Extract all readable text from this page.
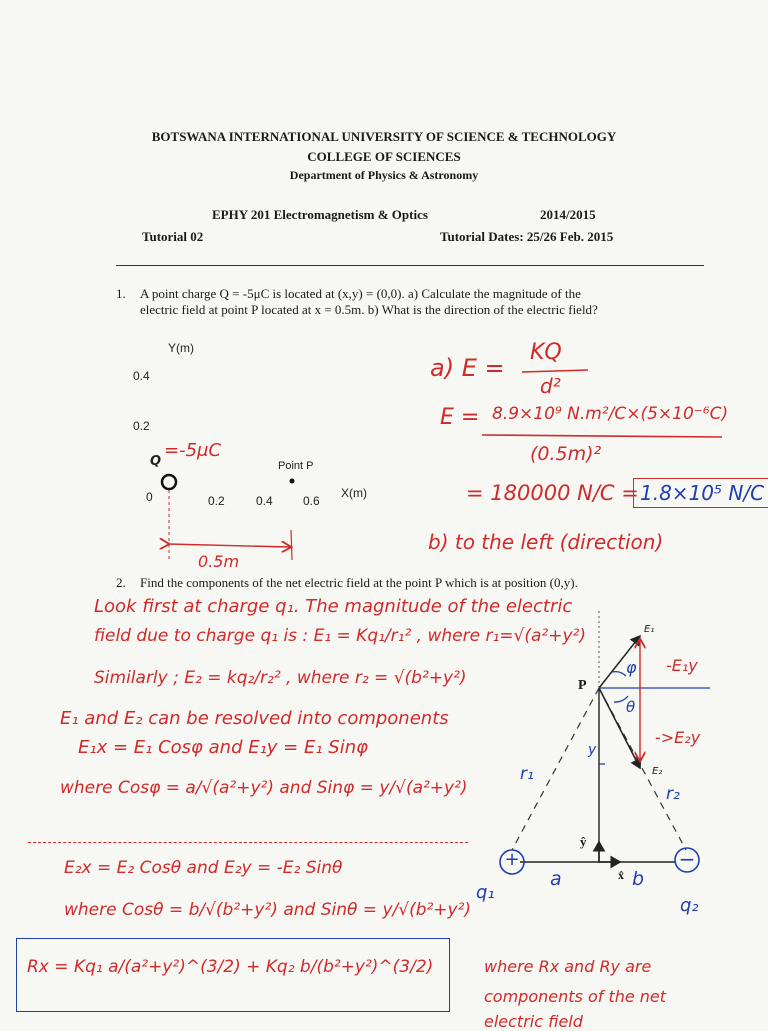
BOTSWANA INTERNATIONAL UNIVERSITY OF SCIENCE & TECHNOLOGY
COLLEGE OF SCIENCES
Department of Physics & Astronomy
EPHY 201 Electromagnetism & Optics	2014/2015
Tutorial 02	Tutorial Dates: 25/26 Feb. 2015
1. A point charge Q = -5μC is located at (x,y) = (0,0). a) Calculate the magnitude of the
electric field at point P located at x = 0.5m. b) What is the direction of the electric field?
Y(m)
0.4
0.2
Q
=-5μC
Point P
0	0.2	0.4	0.6
X(m)
0.5m
a) E =
KQ
d²
E = 8.9×10⁹ N.m²/C×(5×10⁻⁶C)
(0.5m)²
= 180000 N/C = 1.8×10⁵ N/C
b) to the left (direction)
2. Find the components of the net electric field at the point P which is at position (0,y).
Look first at charge q₁. The magnitude of the electric
field due to charge q₁ is : E₁ = Kq₁/r₁² , where r₁=√(a²+y²)
Similarly ; E₂ = kq₂/r₂² , where r₂ = √(b²+y²)
E₁ and E₂ can be resolved into components
E₁x = E₁ Cosφ and E₁y = E₁ Sinφ
where Cosφ = a/√(a²+y²) and Sinφ = y/√(a²+y²)
E₂x = E₂ Cosθ and E₂y = -E₂ Sinθ
where Cosθ = b/√(b²+y²) and Sinθ = y/√(b²+y²)
Rx = Kq₁ a/(a²+y²)^(3/2) + Kq₂ b/(b²+y²)^(3/2)	where Rx and Ry are
components of the net
electric field
P
E₁
-E₁y
->E₂y
E₂
φ
θ
y
r₁
r₂
ŷ
x̂
a	b
q₁
q₂
+	−
